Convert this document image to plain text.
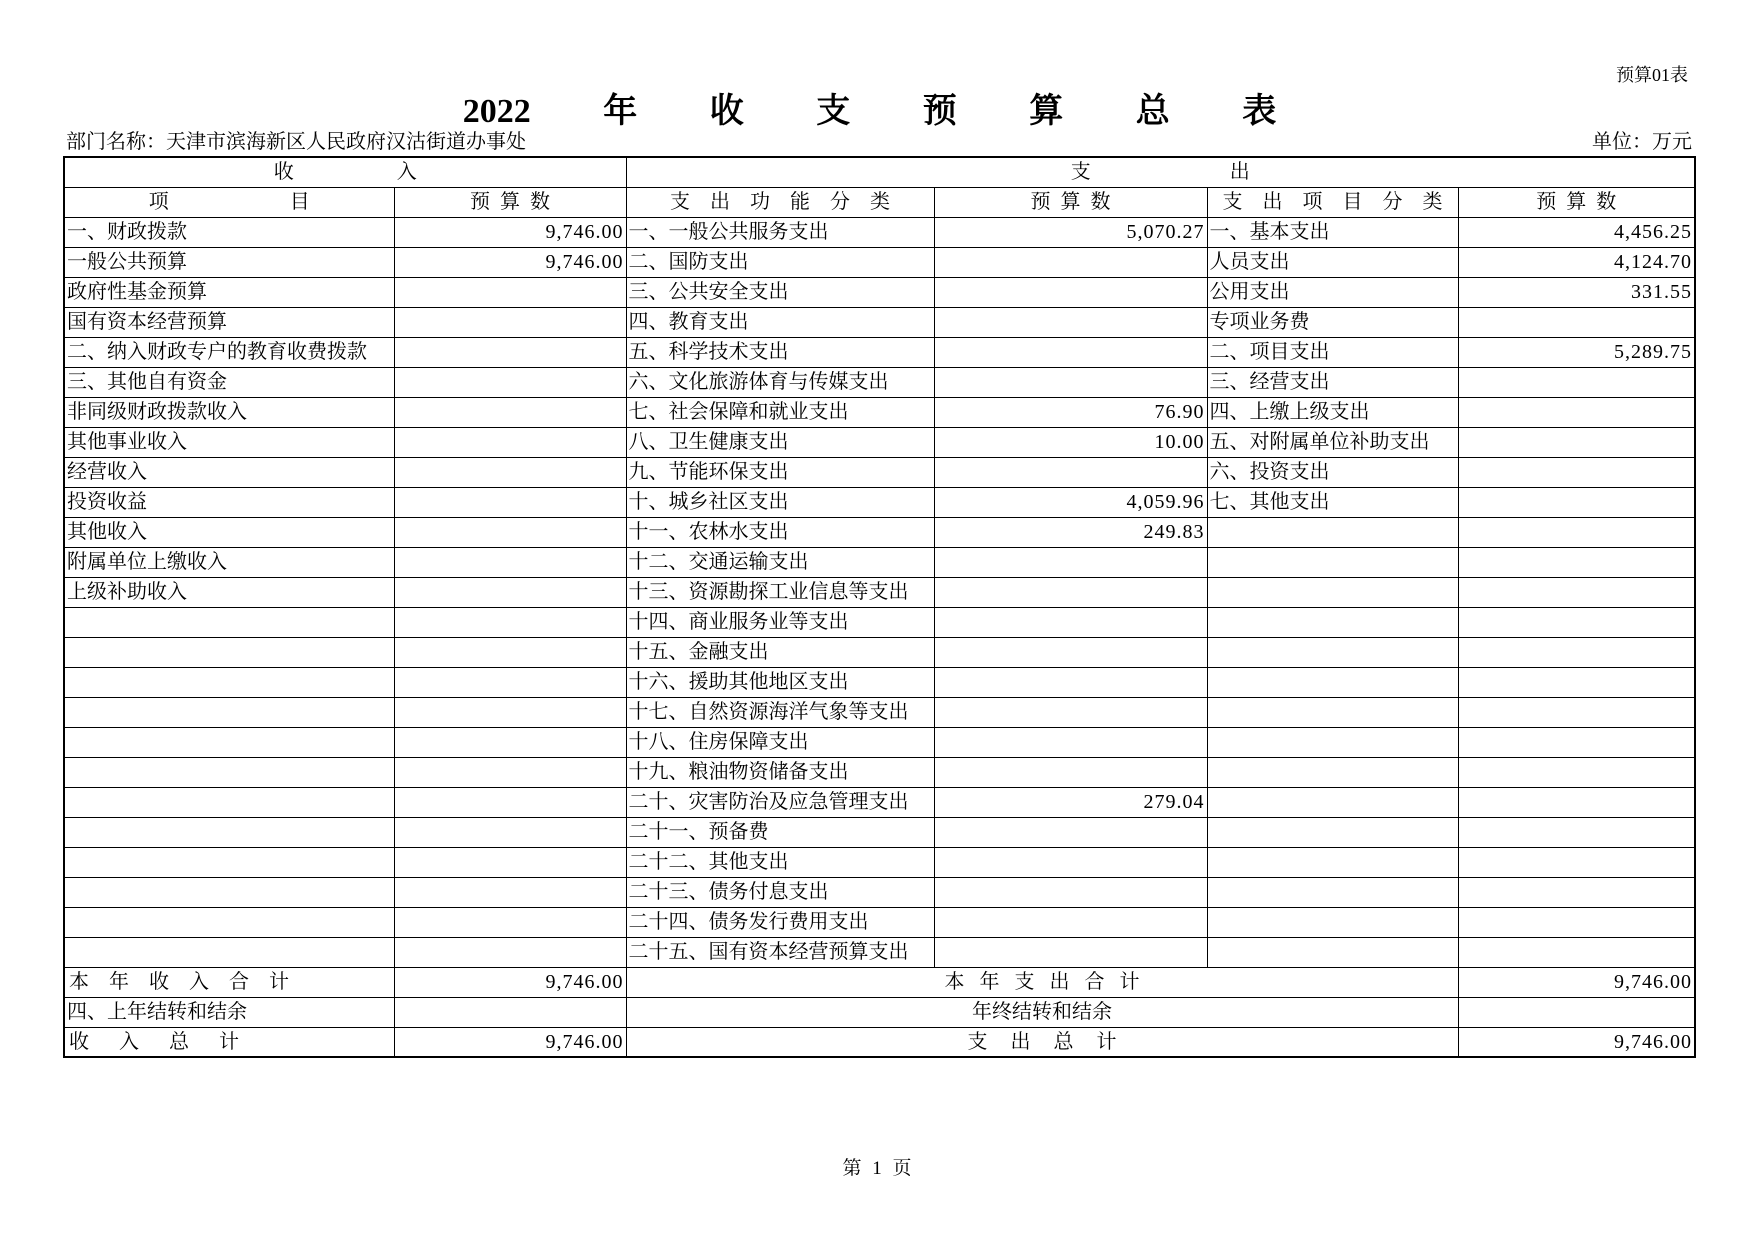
预算01表
2022 年 收 支 预 算 总 表
部门名称：天津市滨海新区人民政府汉沽街道办事处	单位：万元
收 入		支 出			
项 目	预 算 数	支 出 功 能 分 类	预 算 数	支 出 项 目 分 类	预 算 数
一、财政拨款	9,746.00	一、一般公共服务支出	5,070.27	一、基本支出	4,456.25
一般公共预算	9,746.00	二、国防支出		人员支出	4,124.70
政府性基金预算		三、公共安全支出		公用支出	331.55
国有资本经营预算		四、教育支出		专项业务费	
二、纳入财政专户的教育收费拨款		五、科学技术支出		二、项目支出	5,289.75
三、其他自有资金		六、文化旅游体育与传媒支出		三、经营支出	
非同级财政拨款收入		七、社会保障和就业支出	76.90	四、上缴上级支出	
其他事业收入		八、卫生健康支出	10.00	五、对附属单位补助支出	
经营收入		九、节能环保支出		六、投资支出	
投资收益		十、城乡社区支出	4,059.96	七、其他支出	
其他收入		十一、农林水支出	249.83		
附属单位上缴收入		十二、交通运输支出			
上级补助收入		十三、资源勘探工业信息等支出			
		十四、商业服务业等支出			
		十五、金融支出			
		十六、援助其他地区支出			
		十七、自然资源海洋气象等支出			
		十八、住房保障支出			
		十九、粮油物资储备支出			
		二十、灾害防治及应急管理支出	279.04		
		二十一、预备费			
		二十二、其他支出			
		二十三、债务付息支出			
		二十四、债务发行费用支出			
		二十五、国有资本经营预算支出			
本 年 收 入 合 计	9,746.00	本 年 支 出 合 计			9,746.00
四、上年结转和结余		年终结转和结余			
收 入 总 计	9,746.00	支 出 总 计			9,746.00
第 1 页
